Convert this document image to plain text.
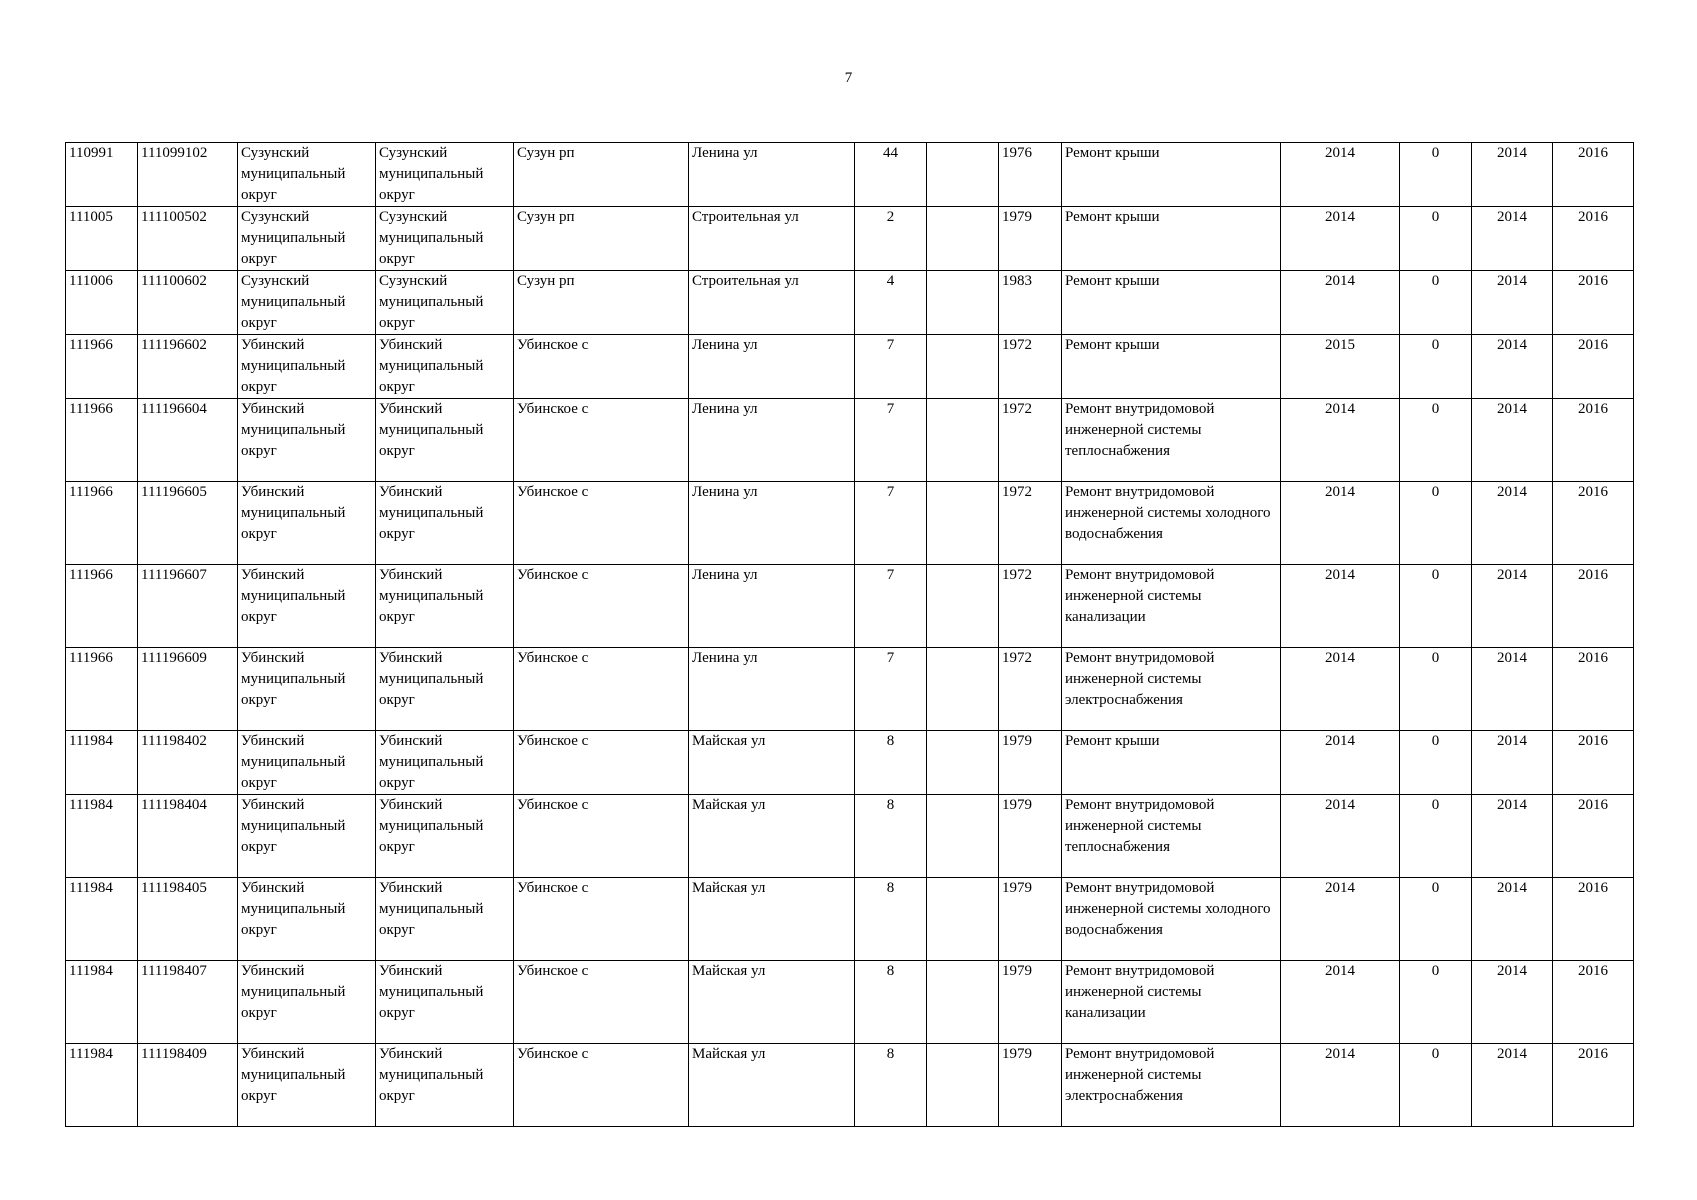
7
110991	111099102	Сузунский муниципальный округ	Сузунский муниципальный округ	Сузун рп	Ленина ул	44		1976	Ремонт крыши	2014	0	2014	2016
111005	111100502	Сузунский муниципальный округ	Сузунский муниципальный округ	Сузун рп	Строительная ул	2		1979	Ремонт крыши	2014	0	2014	2016
111006	111100602	Сузунский муниципальный округ	Сузунский муниципальный округ	Сузун рп	Строительная ул	4		1983	Ремонт крыши	2014	0	2014	2016
111966	111196602	Убинский муниципальный округ	Убинский муниципальный округ	Убинское с	Ленина ул	7		1972	Ремонт крыши	2015	0	2014	2016
111966	111196604	Убинский муниципальный округ	Убинский муниципальный округ	Убинское с	Ленина ул	7		1972	Ремонт внутридомовой инженерной системы теплоснабжения	2014	0	2014	2016
111966	111196605	Убинский муниципальный округ	Убинский муниципальный округ	Убинское с	Ленина ул	7		1972	Ремонт внутридомовой инженерной системы холодного водоснабжения	2014	0	2014	2016
111966	111196607	Убинский муниципальный округ	Убинский муниципальный округ	Убинское с	Ленина ул	7		1972	Ремонт внутридомовой инженерной системы канализации	2014	0	2014	2016
111966	111196609	Убинский муниципальный округ	Убинский муниципальный округ	Убинское с	Ленина ул	7		1972	Ремонт внутридомовой инженерной системы электроснабжения	2014	0	2014	2016
111984	111198402	Убинский муниципальный округ	Убинский муниципальный округ	Убинское с	Майская ул	8		1979	Ремонт крыши	2014	0	2014	2016
111984	111198404	Убинский муниципальный округ	Убинский муниципальный округ	Убинское с	Майская ул	8		1979	Ремонт внутридомовой инженерной системы теплоснабжения	2014	0	2014	2016
111984	111198405	Убинский муниципальный округ	Убинский муниципальный округ	Убинское с	Майская ул	8		1979	Ремонт внутридомовой инженерной системы холодного водоснабжения	2014	0	2014	2016
111984	111198407	Убинский муниципальный округ	Убинский муниципальный округ	Убинское с	Майская ул	8		1979	Ремонт внутридомовой инженерной системы канализации	2014	0	2014	2016
111984	111198409	Убинский муниципальный округ	Убинский муниципальный округ	Убинское с	Майская ул	8		1979	Ремонт внутридомовой инженерной системы электроснабжения	2014	0	2014	2016
